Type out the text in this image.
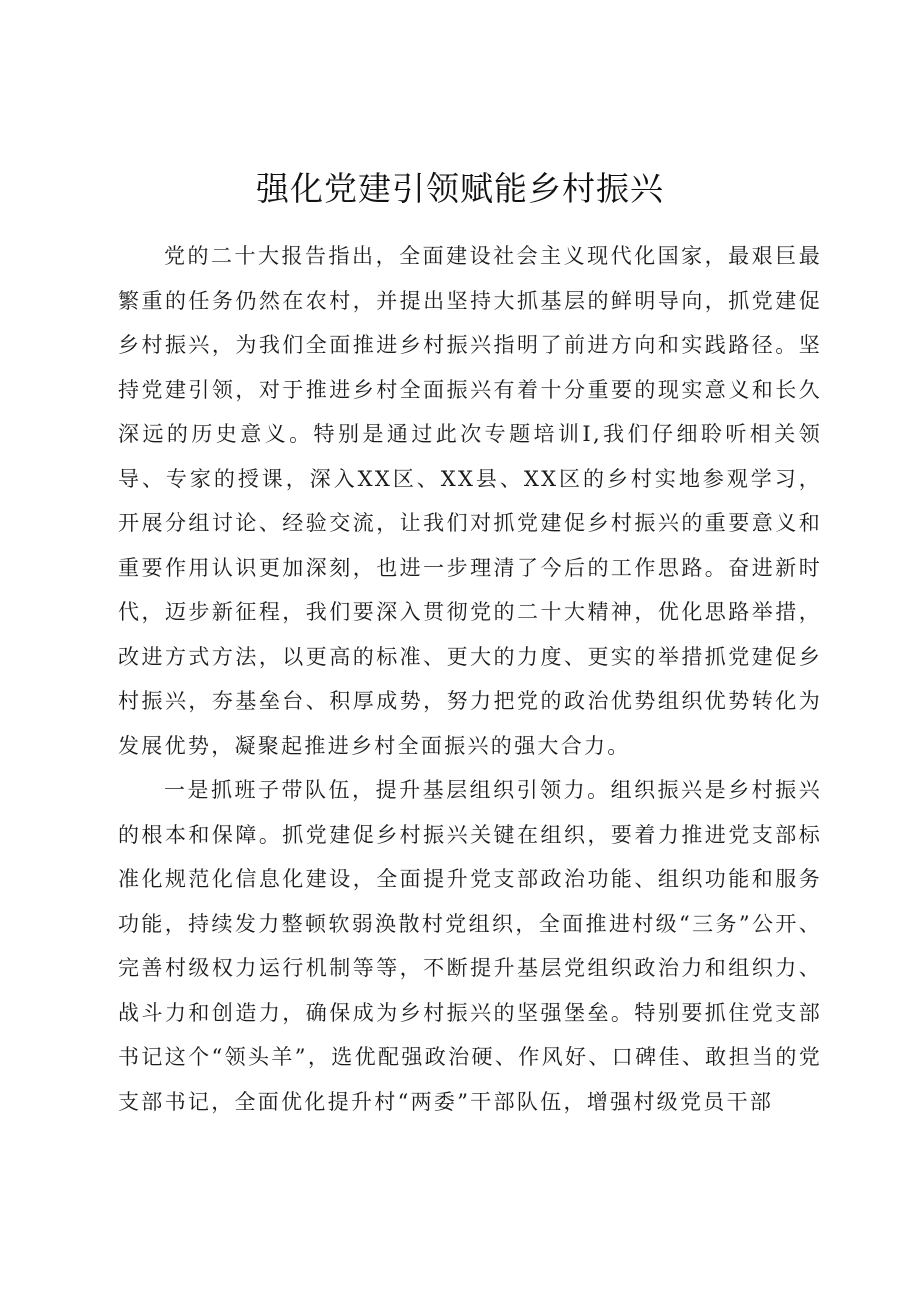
强化党建引领赋能乡村振兴

党的二十大报告指出，全面建设社会主义现代化国家，最艰巨最繁重的任务仍然在农村，并提出坚持大抓基层的鲜明导向，抓党建促乡村振兴，为我们全面推进乡村振兴指明了前进方向和实践路径。坚持党建引领，对于推进乡村全面振兴有着十分重要的现实意义和长久深远的历史意义。特别是通过此次专题培训I,我们仔细聆听相关领导、专家的授课，深入XX区、XX县、XX区的乡村实地参观学习，开展分组讨论、经验交流，让我们对抓党建促乡村振兴的重要意义和重要作用认识更加深刻，也进一步理清了今后的工作思路。奋进新时代，迈步新征程，我们要深入贯彻党的二十大精神，优化思路举措，改进方式方法，以更高的标准、更大的力度、更实的举措抓党建促乡村振兴，夯基垒台、积厚成势，努力把党的政治优势组织优势转化为发展优势，凝聚起推进乡村全面振兴的强大合力。

一是抓班子带队伍，提升基层组织引领力。组织振兴是乡村振兴的根本和保障。抓党建促乡村振兴关键在组织，要着力推进党支部标准化规范化信息化建设，全面提升党支部政治功能、组织功能和服务功能，持续发力整顿软弱涣散村党组织，全面推进村级“三务”公开、完善村级权力运行机制等等，不断提升基层党组织政治力和组织力、战斗力和创造力，确保成为乡村振兴的坚强堡垒。特别要抓住党支部书记这个“领头羊”，选优配强政治硬、作风好、口碑佳、敢担当的党支部书记，全面优化提升村“两委”干部队伍，增强村级党员干部
